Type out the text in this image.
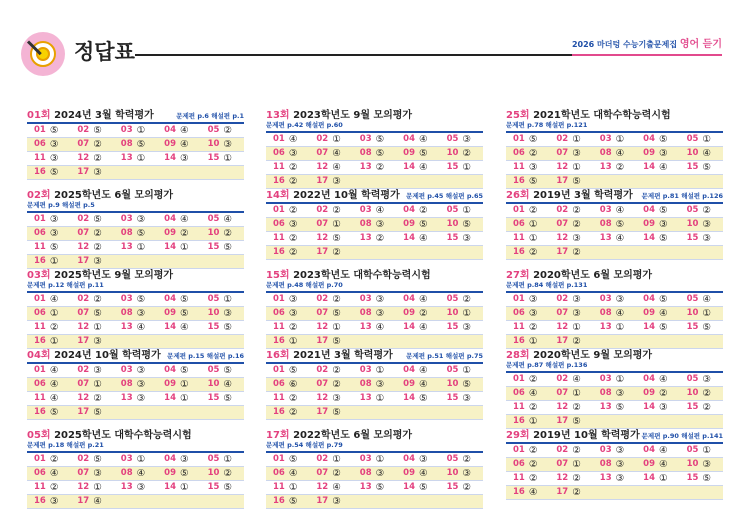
정답표	2026 마더텅 수능기출문제집 영어 듣기
01회 2024년 3월 학력평가	문제편 p.6 해설편 p.1
01 ⑤ 02 ⑤ 03 ① 04 ④ 05 ②
06 ③ 07 ② 08 ⑤ 09 ④ 10 ③
11 ③ 12 ② 13 ① 14 ③ 15 ①
16 ⑤ 17 ③
02회 2025학년도 6월 모의평가
문제편 p.9 해설편 p.5
01 ③ 02 ⑤ 03 ③ 04 ④ 05 ④
06 ③ 07 ② 08 ⑤ 09 ② 10 ②
11 ⑤ 12 ② 13 ① 14 ① 15 ⑤
16 ① 17 ③
03회 2025학년도 9월 모의평가
문제편 p.12 해설편 p.11
01 ④ 02 ② 03 ⑤ 04 ⑤ 05 ①
06 ① 07 ⑤ 08 ③ 09 ⑤ 10 ③
11 ② 12 ① 13 ④ 14 ④ 15 ⑤
16 ① 17 ③
04회 2024년 10월 학력평가 문제편 p.15 해설편 p.16
01 ④ 02 ③ 03 ③ 04 ⑤ 05 ⑤
06 ④ 07 ① 08 ③ 09 ① 10 ④
11 ④ 12 ② 13 ③ 14 ① 15 ⑤
16 ⑤ 17 ⑤
05회 2025학년도 대학수학능력시험
문제편 p.18 해설편 p.21
01 ② 02 ⑤ 03 ① 04 ③ 05 ①
06 ④ 07 ③ 08 ④ 09 ⑤ 10 ②
11 ② 12 ① 13 ③ 14 ① 15 ⑤
16 ③ 17 ④
13회 2023학년도 9월 모의평가
문제편 p.42 해설편 p.60
01 ④ 02 ① 03 ⑤ 04 ④ 05 ③
06 ③ 07 ④ 08 ⑤ 09 ⑤ 10 ②
11 ② 12 ④ 13 ② 14 ④ 15 ①
16 ② 17 ③
14회 2022년 10월 학력평가 문제편 p.45 해설편 p.65
01 ② 02 ② 03 ④ 04 ② 05 ①
06 ③ 07 ① 08 ③ 09 ⑤ 10 ⑤
11 ② 12 ⑤ 13 ② 14 ④ 15 ③
16 ② 17 ②
15회 2023학년도 대학수학능력시험
문제편 p.48 해설편 p.70
01 ③ 02 ② 03 ③ 04 ④ 05 ②
06 ③ 07 ⑤ 08 ③ 09 ② 10 ①
11 ② 12 ① 13 ④ 14 ④ 15 ③
16 ① 17 ⑤
16회 2021년 3월 학력평가 문제편 p.51 해설편 p.75
01 ⑤ 02 ② 03 ① 04 ④ 05 ①
06 ⑥ 07 ② 08 ③ 09 ④ 10 ⑤
11 ② 12 ③ 13 ① 14 ⑤ 15 ③
16 ② 17 ⑤
17회 2022학년도 6월 모의평가
문제편 p.54 해설편 p.79
01 ⑤ 02 ① 03 ① 04 ③ 05 ②
06 ④ 07 ② 08 ③ 09 ④ 10 ③
11 ① 12 ④ 13 ⑤ 14 ⑤ 15 ②
16 ⑤ 17 ③
25회 2021학년도 대학수학능력시험
문제편 p.78 해설편 p.121
01 ⑤ 02 ① 03 ① 04 ⑤ 05 ①
06 ② 07 ③ 08 ④ 09 ③ 10 ④
11 ③ 12 ① 13 ② 14 ④ 15 ⑤
16 ⑤ 17 ⑤
26회 2019년 3월 학력평가 문제편 p.81 해설편 p.126
01 ② 02 ② 03 ④ 04 ⑤ 05 ②
06 ① 07 ② 08 ⑤ 09 ③ 10 ③
11 ① 12 ③ 13 ④ 14 ⑤ 15 ③
16 ② 17 ②
27회 2020학년도 6월 모의평가
문제편 p.84 해설편 p.131
01 ③ 02 ③ 03 ③ 04 ⑤ 05 ④
06 ③ 07 ③ 08 ④ 09 ④ 10 ①
11 ② 12 ① 13 ① 14 ⑤ 15 ⑤
16 ① 17 ②
28회 2020학년도 9월 모의평가
문제편 p.87 해설편 p.136
01 ② 02 ④ 03 ① 04 ④ 05 ③
06 ④ 07 ① 08 ③ 09 ② 10 ②
11 ② 12 ② 13 ⑤ 14 ③ 15 ②
16 ① 17 ⑤
29회 2019년 10월 학력평가 문제편 p.90 해설편 p.141
01 ② 02 ② 03 ③ 04 ④ 05 ①
06 ② 07 ① 08 ③ 09 ④ 10 ③
11 ② 12 ② 13 ③ 14 ① 15 ⑤
16 ④ 17 ②
